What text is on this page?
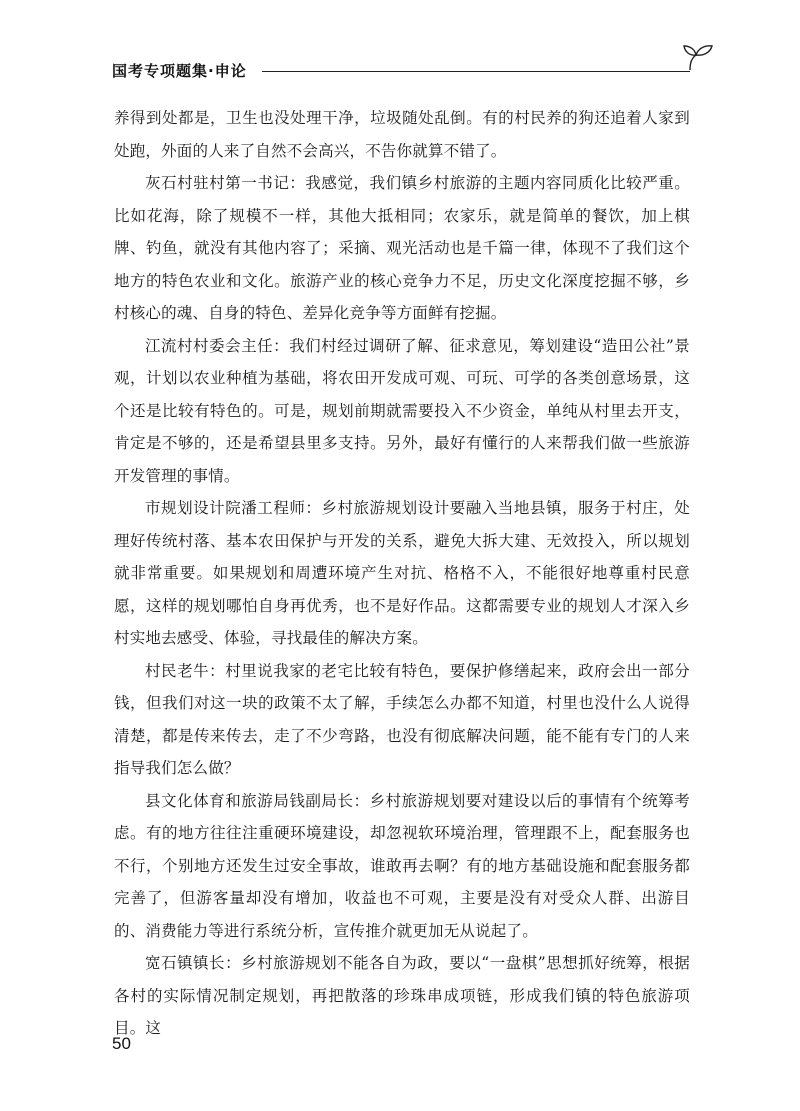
国考专项题集·申论

养得到处都是，卫生也没处理干净，垃圾随处乱倒。有的村民养的狗还追着人家到处跑，外面的人来了自然不会高兴，不告你就算不错了。

灰石村驻村第一书记：我感觉，我们镇乡村旅游的主题内容同质化比较严重。比如花海，除了规模不一样，其他大抵相同；农家乐，就是简单的餐饮，加上棋牌、钓鱼，就没有其他内容了；采摘、观光活动也是千篇一律，体现不了我们这个地方的特色农业和文化。旅游产业的核心竞争力不足，历史文化深度挖掘不够，乡村核心的魂、自身的特色、差异化竞争等方面鲜有挖掘。

江流村村委会主任：我们村经过调研了解、征求意见，筹划建设“造田公社”景观，计划以农业种植为基础，将农田开发成可观、可玩、可学的各类创意场景，这个还是比较有特色的。可是，规划前期就需要投入不少资金，单纯从村里去开支，肯定是不够的，还是希望县里多支持。另外，最好有懂行的人来帮我们做一些旅游开发管理的事情。

市规划设计院潘工程师：乡村旅游规划设计要融入当地县镇，服务于村庄，处理好传统村落、基本农田保护与开发的关系，避免大拆大建、无效投入，所以规划就非常重要。如果规划和周遭环境产生对抗、格格不入，不能很好地尊重村民意愿，这样的规划哪怕自身再优秀，也不是好作品。这都需要专业的规划人才深入乡村实地去感受、体验，寻找最佳的解决方案。

村民老牛：村里说我家的老宅比较有特色，要保护修缮起来，政府会出一部分钱，但我们对这一块的政策不太了解，手续怎么办都不知道，村里也没什么人说得清楚，都是传来传去，走了不少弯路，也没有彻底解决问题，能不能有专门的人来指导我们怎么做？

县文化体育和旅游局钱副局长：乡村旅游规划要对建设以后的事情有个统筹考虑。有的地方往往注重硬环境建设，却忽视软环境治理，管理跟不上，配套服务也不行，个别地方还发生过安全事故，谁敢再去啊？有的地方基础设施和配套服务都完善了，但游客量却没有增加，收益也不可观，主要是没有对受众人群、出游目的、消费能力等进行系统分析，宣传推介就更加无从说起了。

宽石镇镇长：乡村旅游规划不能各自为政，要以“一盘棋”思想抓好统筹，根据各村的实际情况制定规划，再把散落的珍珠串成项链，形成我们镇的特色旅游项目。这

50
